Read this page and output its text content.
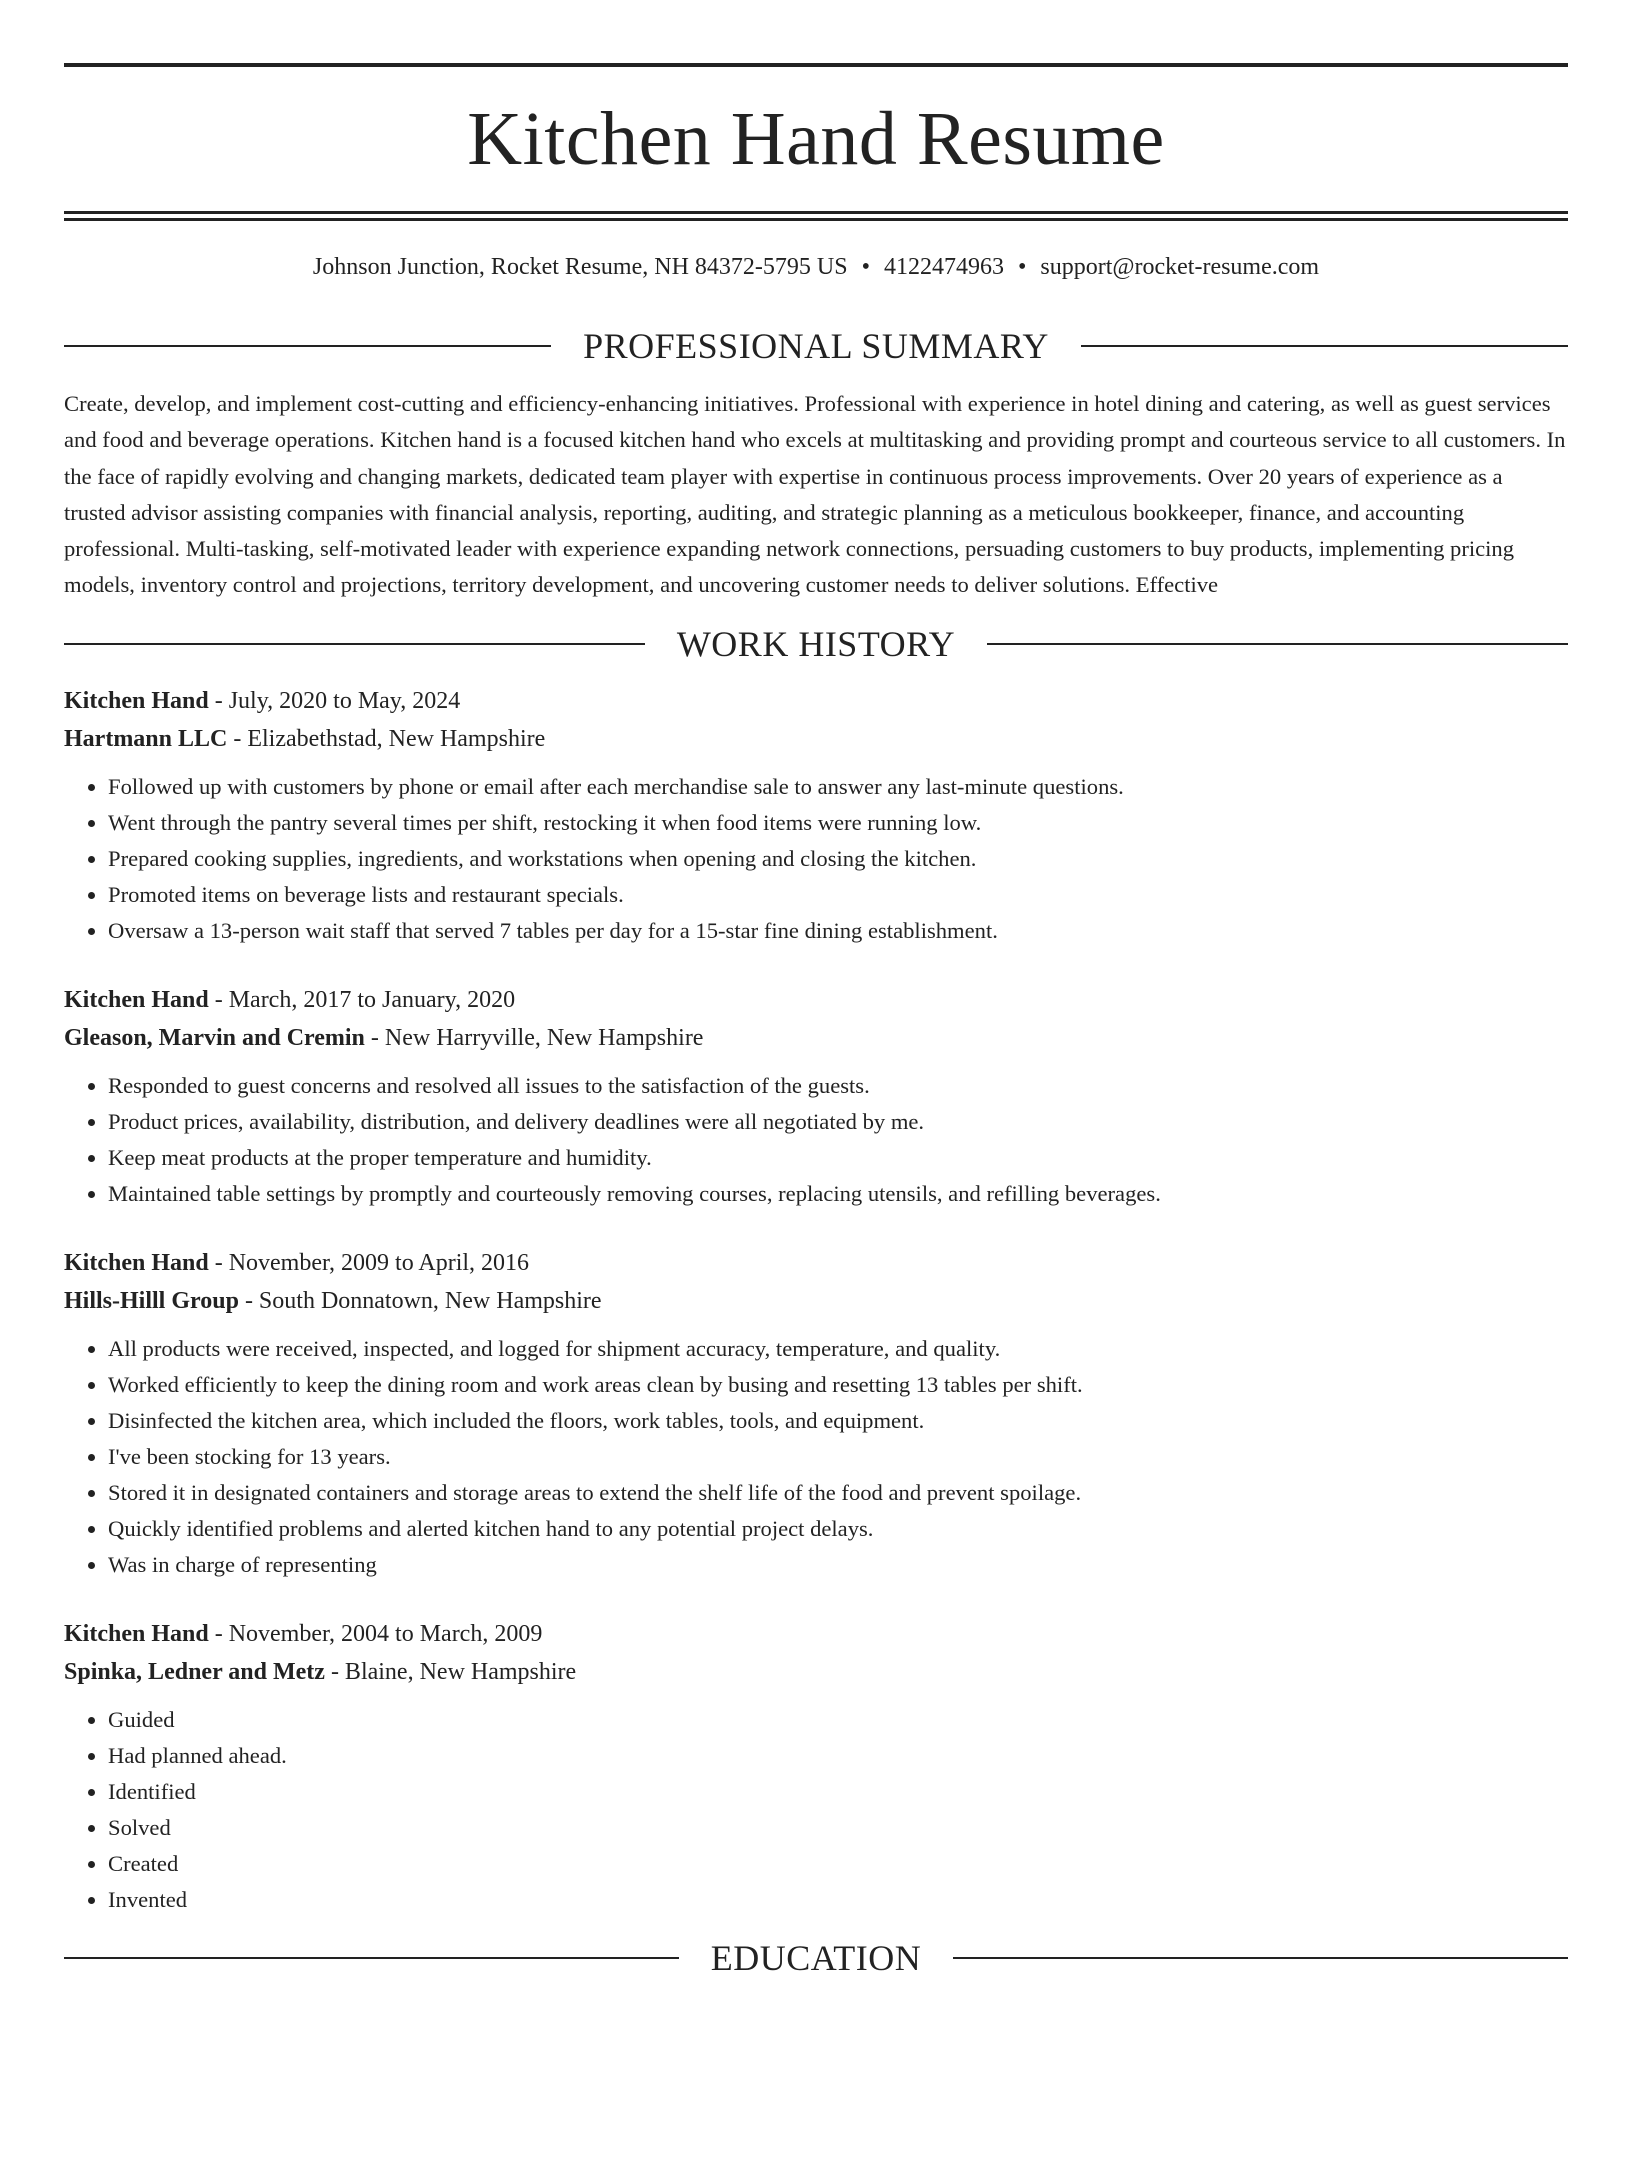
Kitchen Hand Resume
Johnson Junction, Rocket Resume, NH 84372-5795 US • 4122474963 • support@rocket-resume.com
PROFESSIONAL SUMMARY

Create, develop, and implement cost-cutting and efficiency-enhancing initiatives. Professional with experience in hotel dining and catering, as well as guest services and food and beverage operations. Kitchen hand is a focused kitchen hand who excels at multitasking and providing prompt and courteous service to all customers. In the face of rapidly evolving and changing markets, dedicated team player with expertise in continuous process improvements. Over 20 years of experience as a trusted advisor assisting companies with financial analysis, reporting, auditing, and strategic planning as a meticulous bookkeeper, finance, and accounting professional. Multi-tasking, self-motivated leader with experience expanding network connections, persuading customers to buy products, implementing pricing models, inventory control and projections, territory development, and uncovering customer needs to deliver solutions. Effective

WORK HISTORY
Kitchen Hand - July, 2020 to May, 2024
Hartmann LLC - Elizabethstad, New Hampshire
• Followed up with customers by phone or email after each merchandise sale to answer any last-minute questions.
• Went through the pantry several times per shift, restocking it when food items were running low.
• Prepared cooking supplies, ingredients, and workstations when opening and closing the kitchen.
• Promoted items on beverage lists and restaurant specials.
• Oversaw a 13-person wait staff that served 7 tables per day for a 15-star fine dining establishment.
Kitchen Hand - March, 2017 to January, 2020
Gleason, Marvin and Cremin - New Harryville, New Hampshire
• Responded to guest concerns and resolved all issues to the satisfaction of the guests.
• Product prices, availability, distribution, and delivery deadlines were all negotiated by me.
• Keep meat products at the proper temperature and humidity.
• Maintained table settings by promptly and courteously removing courses, replacing utensils, and refilling beverages.
Kitchen Hand - November, 2009 to April, 2016
Hills-Hilll Group - South Donnatown, New Hampshire
• All products were received, inspected, and logged for shipment accuracy, temperature, and quality.
• Worked efficiently to keep the dining room and work areas clean by busing and resetting 13 tables per shift.
• Disinfected the kitchen area, which included the floors, work tables, tools, and equipment.
• I've been stocking for 13 years.
• Stored it in designated containers and storage areas to extend the shelf life of the food and prevent spoilage.
• Quickly identified problems and alerted kitchen hand to any potential project delays.
• Was in charge of representing
Kitchen Hand - November, 2004 to March, 2009
Spinka, Ledner and Metz - Blaine, New Hampshire
• Guided
• Had planned ahead.
• Identified
• Solved
• Created
• Invented
EDUCATION
